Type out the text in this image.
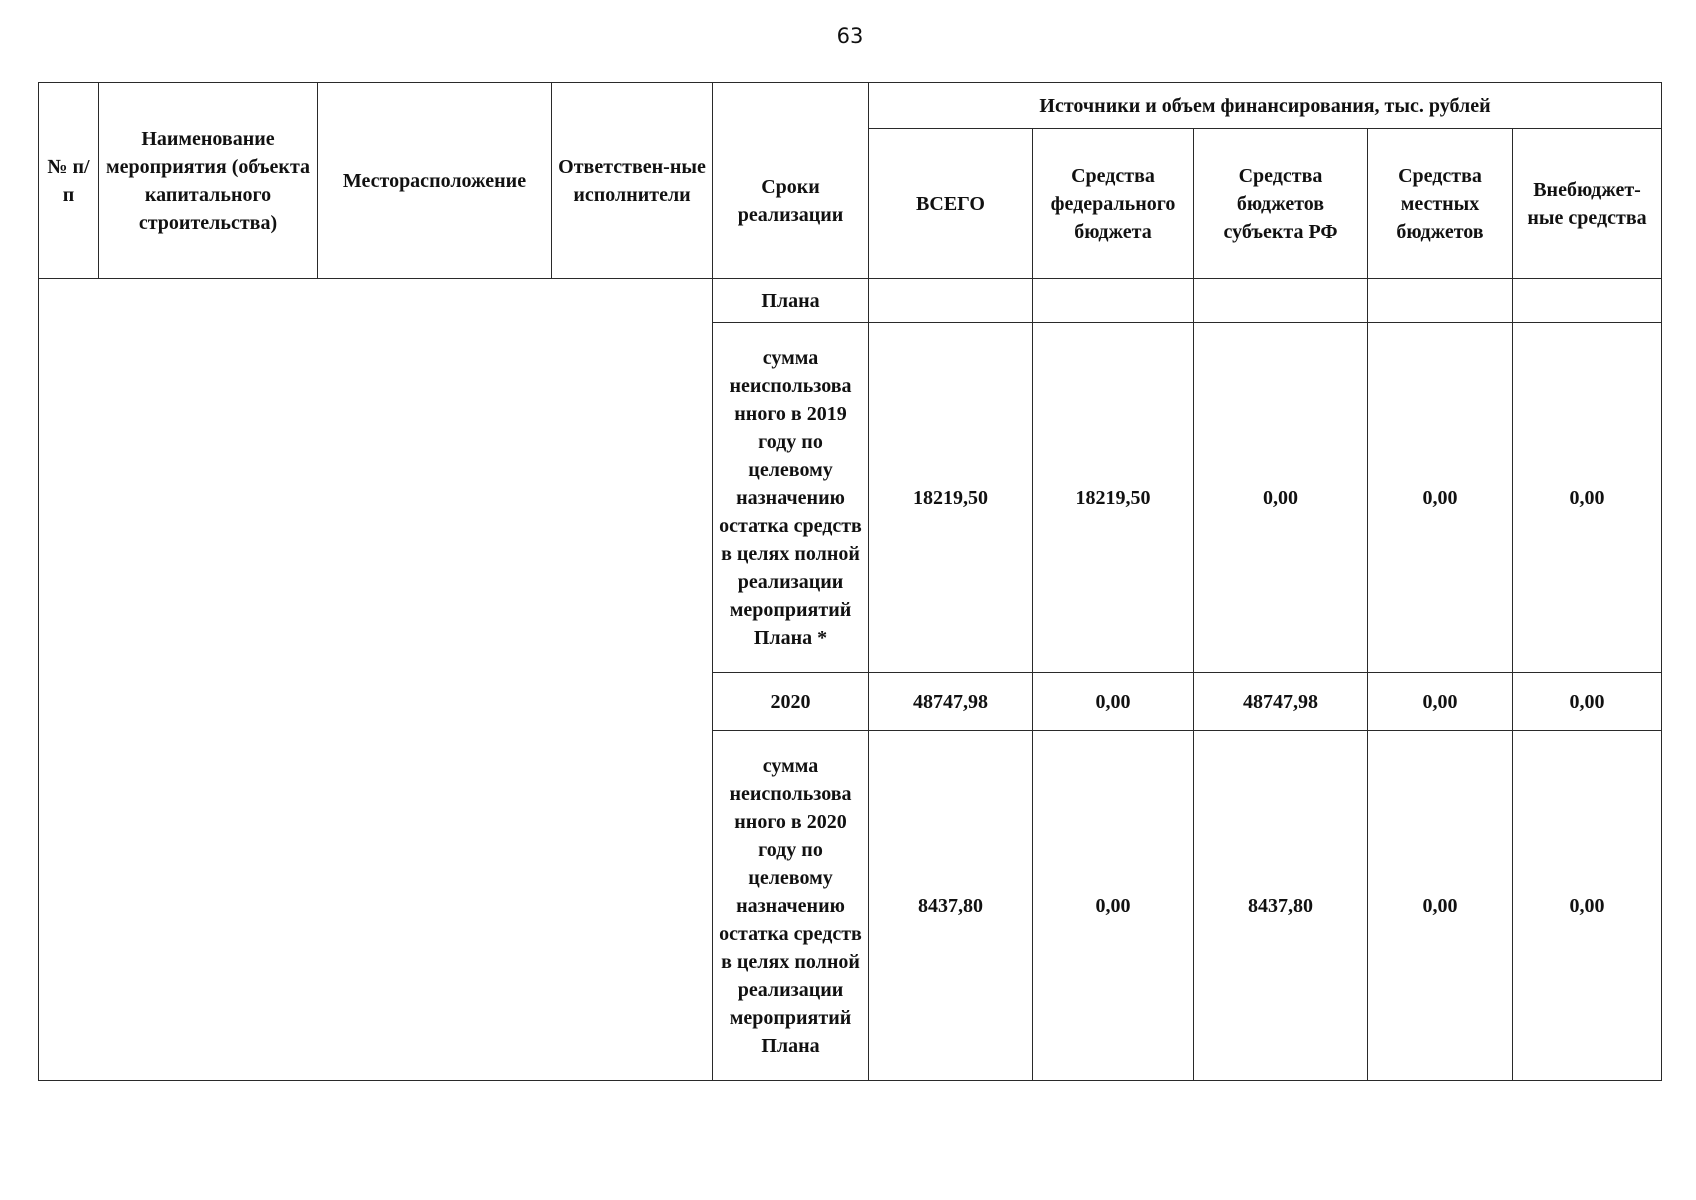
63
№ п/п	Наименование мероприятия (объекта капитального строительства)	Месторасположение	Ответствен-ные исполнители	Сроки реализации	Источники и объем финансирования, тыс. рублей				
					ВСЕГО	Средства федерального бюджета	Средства бюджетов субъекта РФ	Средства местных бюджетов	Внебюджет-ные средства
				Плана					
				сумма неиспользова нного в 2019 году по целевому назначению остатка средств в целях полной реализации мероприятий Плана *	18219,50	18219,50	0,00	0,00	0,00
				2020	48747,98	0,00	48747,98	0,00	0,00
				сумма неиспользова нного в 2020 году по целевому назначению остатка средств в целях полной реализации мероприятий Плана	8437,80	0,00	8437,80	0,00	0,00
